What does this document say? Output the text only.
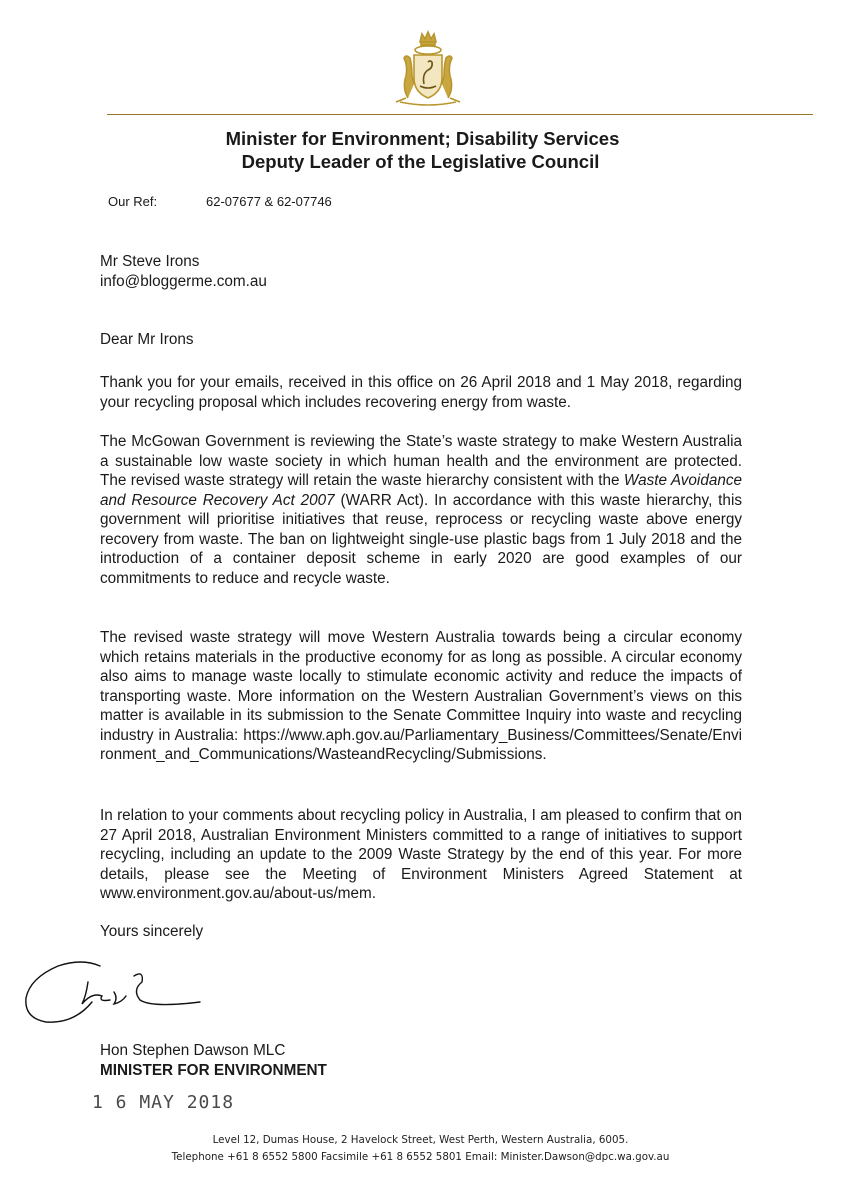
Minister for Environment; Disability Services
Deputy Leader of the Legislative Council
Our Ref:	62-07677 & 62-07746
Mr Steve Irons
info@bloggerme.com.au
Dear Mr Irons
Thank you for your emails, received in this office on 26 April 2018 and 1 May 2018, regarding your recycling proposal which includes recovering energy from waste.
The McGowan Government is reviewing the State’s waste strategy to make Western Australia a sustainable low waste society in which human health and the environment are protected. The revised waste strategy will retain the waste hierarchy consistent with the Waste Avoidance and Resource Recovery Act 2007 (WARR Act). In accordance with this waste hierarchy, this government will prioritise initiatives that reuse, reprocess or recycling waste above energy recovery from waste. The ban on lightweight single-use plastic bags from 1 July 2018 and the introduction of a container deposit scheme in early 2020 are good examples of our commitments to reduce and recycle waste.
The revised waste strategy will move Western Australia towards being a circular economy which retains materials in the productive economy for as long as possible. A circular economy also aims to manage waste locally to stimulate economic activity and reduce the impacts of transporting waste. More information on the Western Australian Government’s views on this matter is available in its submission to the Senate Committee Inquiry into waste and recycling industry in Australia: https://www.aph.gov.au/Parliamentary_Business/Committees/Senate/Environment_and_Communications/WasteandRecycling/Submissions.
In relation to your comments about recycling policy in Australia, I am pleased to confirm that on 27 April 2018, Australian Environment Ministers committed to a range of initiatives to support recycling, including an update to the 2009 Waste Strategy by the end of this year. For more details, please see the Meeting of Environment Ministers Agreed Statement at www.environment.gov.au/about-us/mem.
Yours sincerely
Hon Stephen Dawson MLC
MINISTER FOR ENVIRONMENT
1 6 MAY 2018
Level 12, Dumas House, 2 Havelock Street, West Perth, Western Australia, 6005.
Telephone +61 8 6552 5800 Facsimile +61 8 6552 5801 Email: Minister.Dawson@dpc.wa.gov.au
